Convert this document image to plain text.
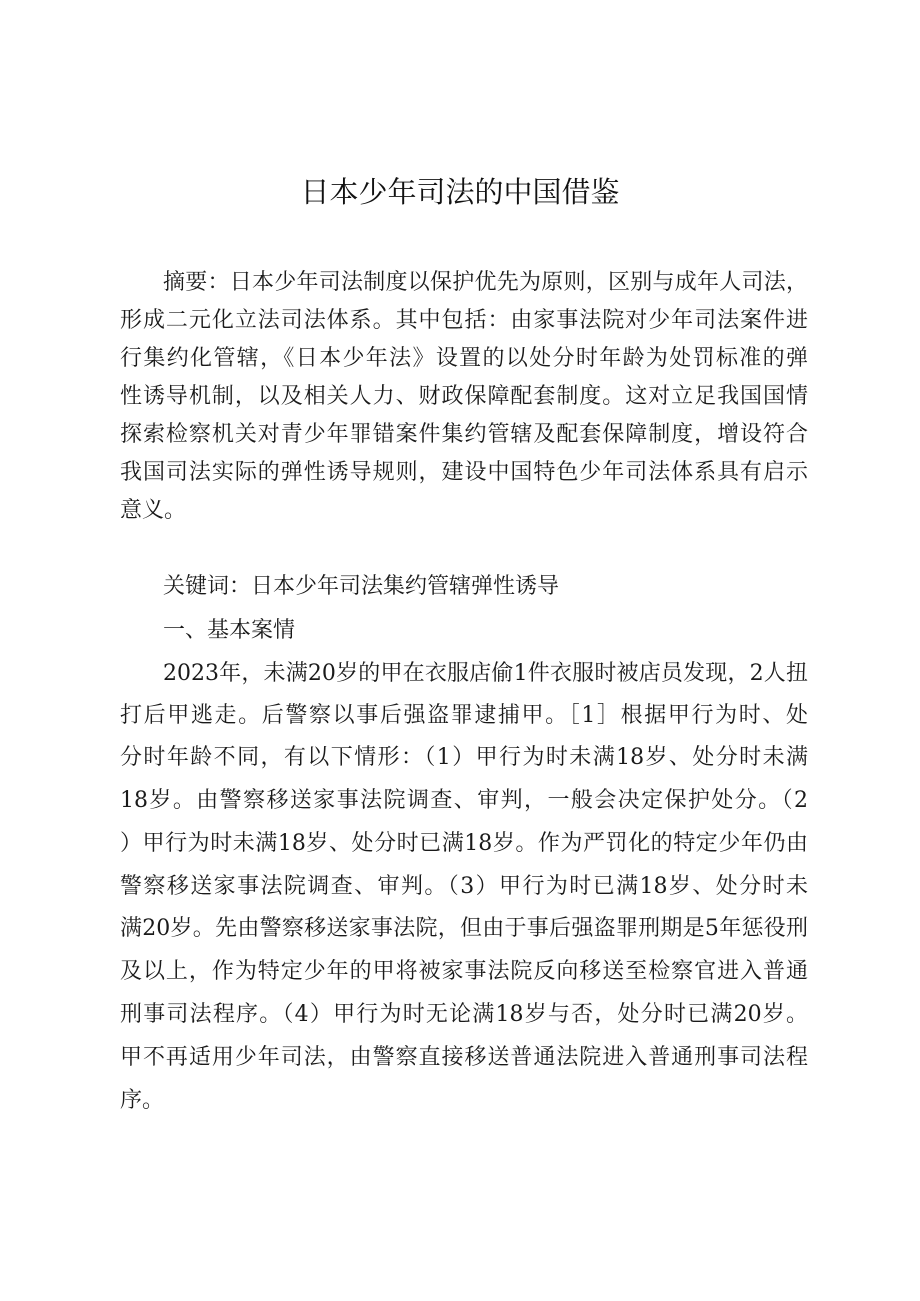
日本少年司法的中国借鉴
摘要：日本少年司法制度以保护优先为原则，区别与成年人司法，
形成二元化立法司法体系。其中包括：由家事法院对少年司法案件进
行集约化管辖，《日本少年法》设置的以处分时年龄为处罚标准的弹
性诱导机制，以及相关人力、财政保障配套制度。这对立足我国国情
探索检察机关对青少年罪错案件集约管辖及配套保障制度，增设符合
我国司法实际的弹性诱导规则，建设中国特色少年司法体系具有启示
意义。
关键词：日本少年司法集约管辖弹性诱导
一、基本案情
2023年，未满20岁的甲在衣服店偷1件衣服时被店员发现，2人扭
打后甲逃走。后警察以事后强盗罪逮捕甲。［1］根据甲行为时、处
分时年龄不同，有以下情形：（1）甲行为时未满18岁、处分时未满
18岁。由警察移送家事法院调查、审判，一般会决定保护处分。（2
）甲行为时未满18岁、处分时已满18岁。作为严罚化的特定少年仍由
警察移送家事法院调查、审判。（3）甲行为时已满18岁、处分时未
满20岁。先由警察移送家事法院，但由于事后强盗罪刑期是5年惩役刑
及以上，作为特定少年的甲将被家事法院反向移送至检察官进入普通
刑事司法程序。（4）甲行为时无论满18岁与否，处分时已满20岁。
甲不再适用少年司法，由警察直接移送普通法院进入普通刑事司法程
序。
